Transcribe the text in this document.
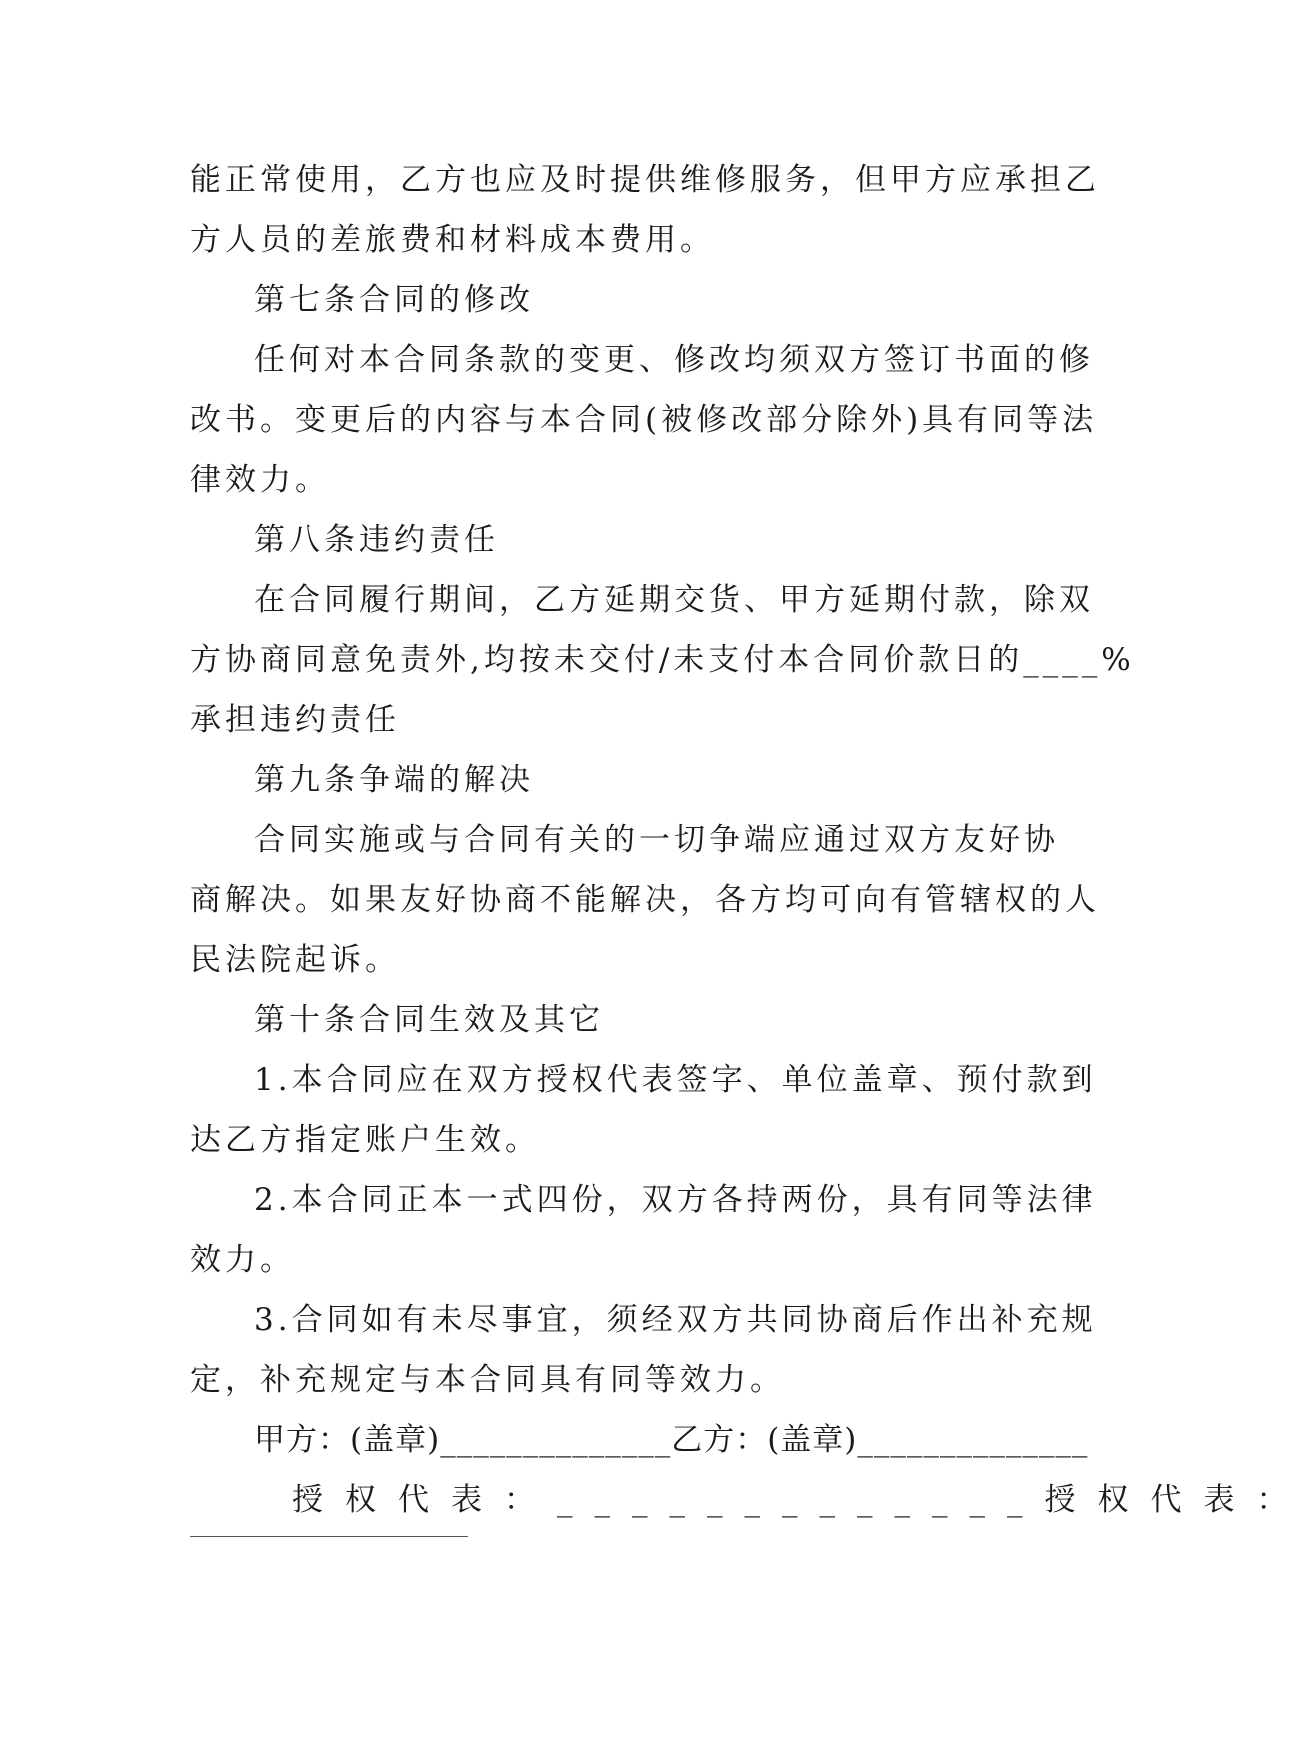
能正常使用，乙方也应及时提供维修服务，但甲方应承担乙
方人员的差旅费和材料成本费用。
第七条合同的修改
任何对本合同条款的变更、修改均须双方签订书面的修
改书。变更后的内容与本合同(被修改部分除外)具有同等法
律效力。
第八条违约责任
在合同履行期间，乙方延期交货、甲方延期付款，除双
方协商同意免责外,均按未交付/未支付本合同价款日的____%
承担违约责任
第九条争端的解决
合同实施或与合同有关的一切争端应通过双方友好协
商解决。如果友好协商不能解决，各方均可向有管辖权的人
民法院起诉。
第十条合同生效及其它
1.本合同应在双方授权代表签字、单位盖章、预付款到
达乙方指定账户生效。
2.本合同正本一式四份，双方各持两份，具有同等法律
效力。
3.合同如有未尽事宜，须经双方共同协商后作出补充规
定，补充规定与本合同具有同等效力。
甲方：(盖章)______________乙方：(盖章)______________
授权代表：_____________授权代表：
